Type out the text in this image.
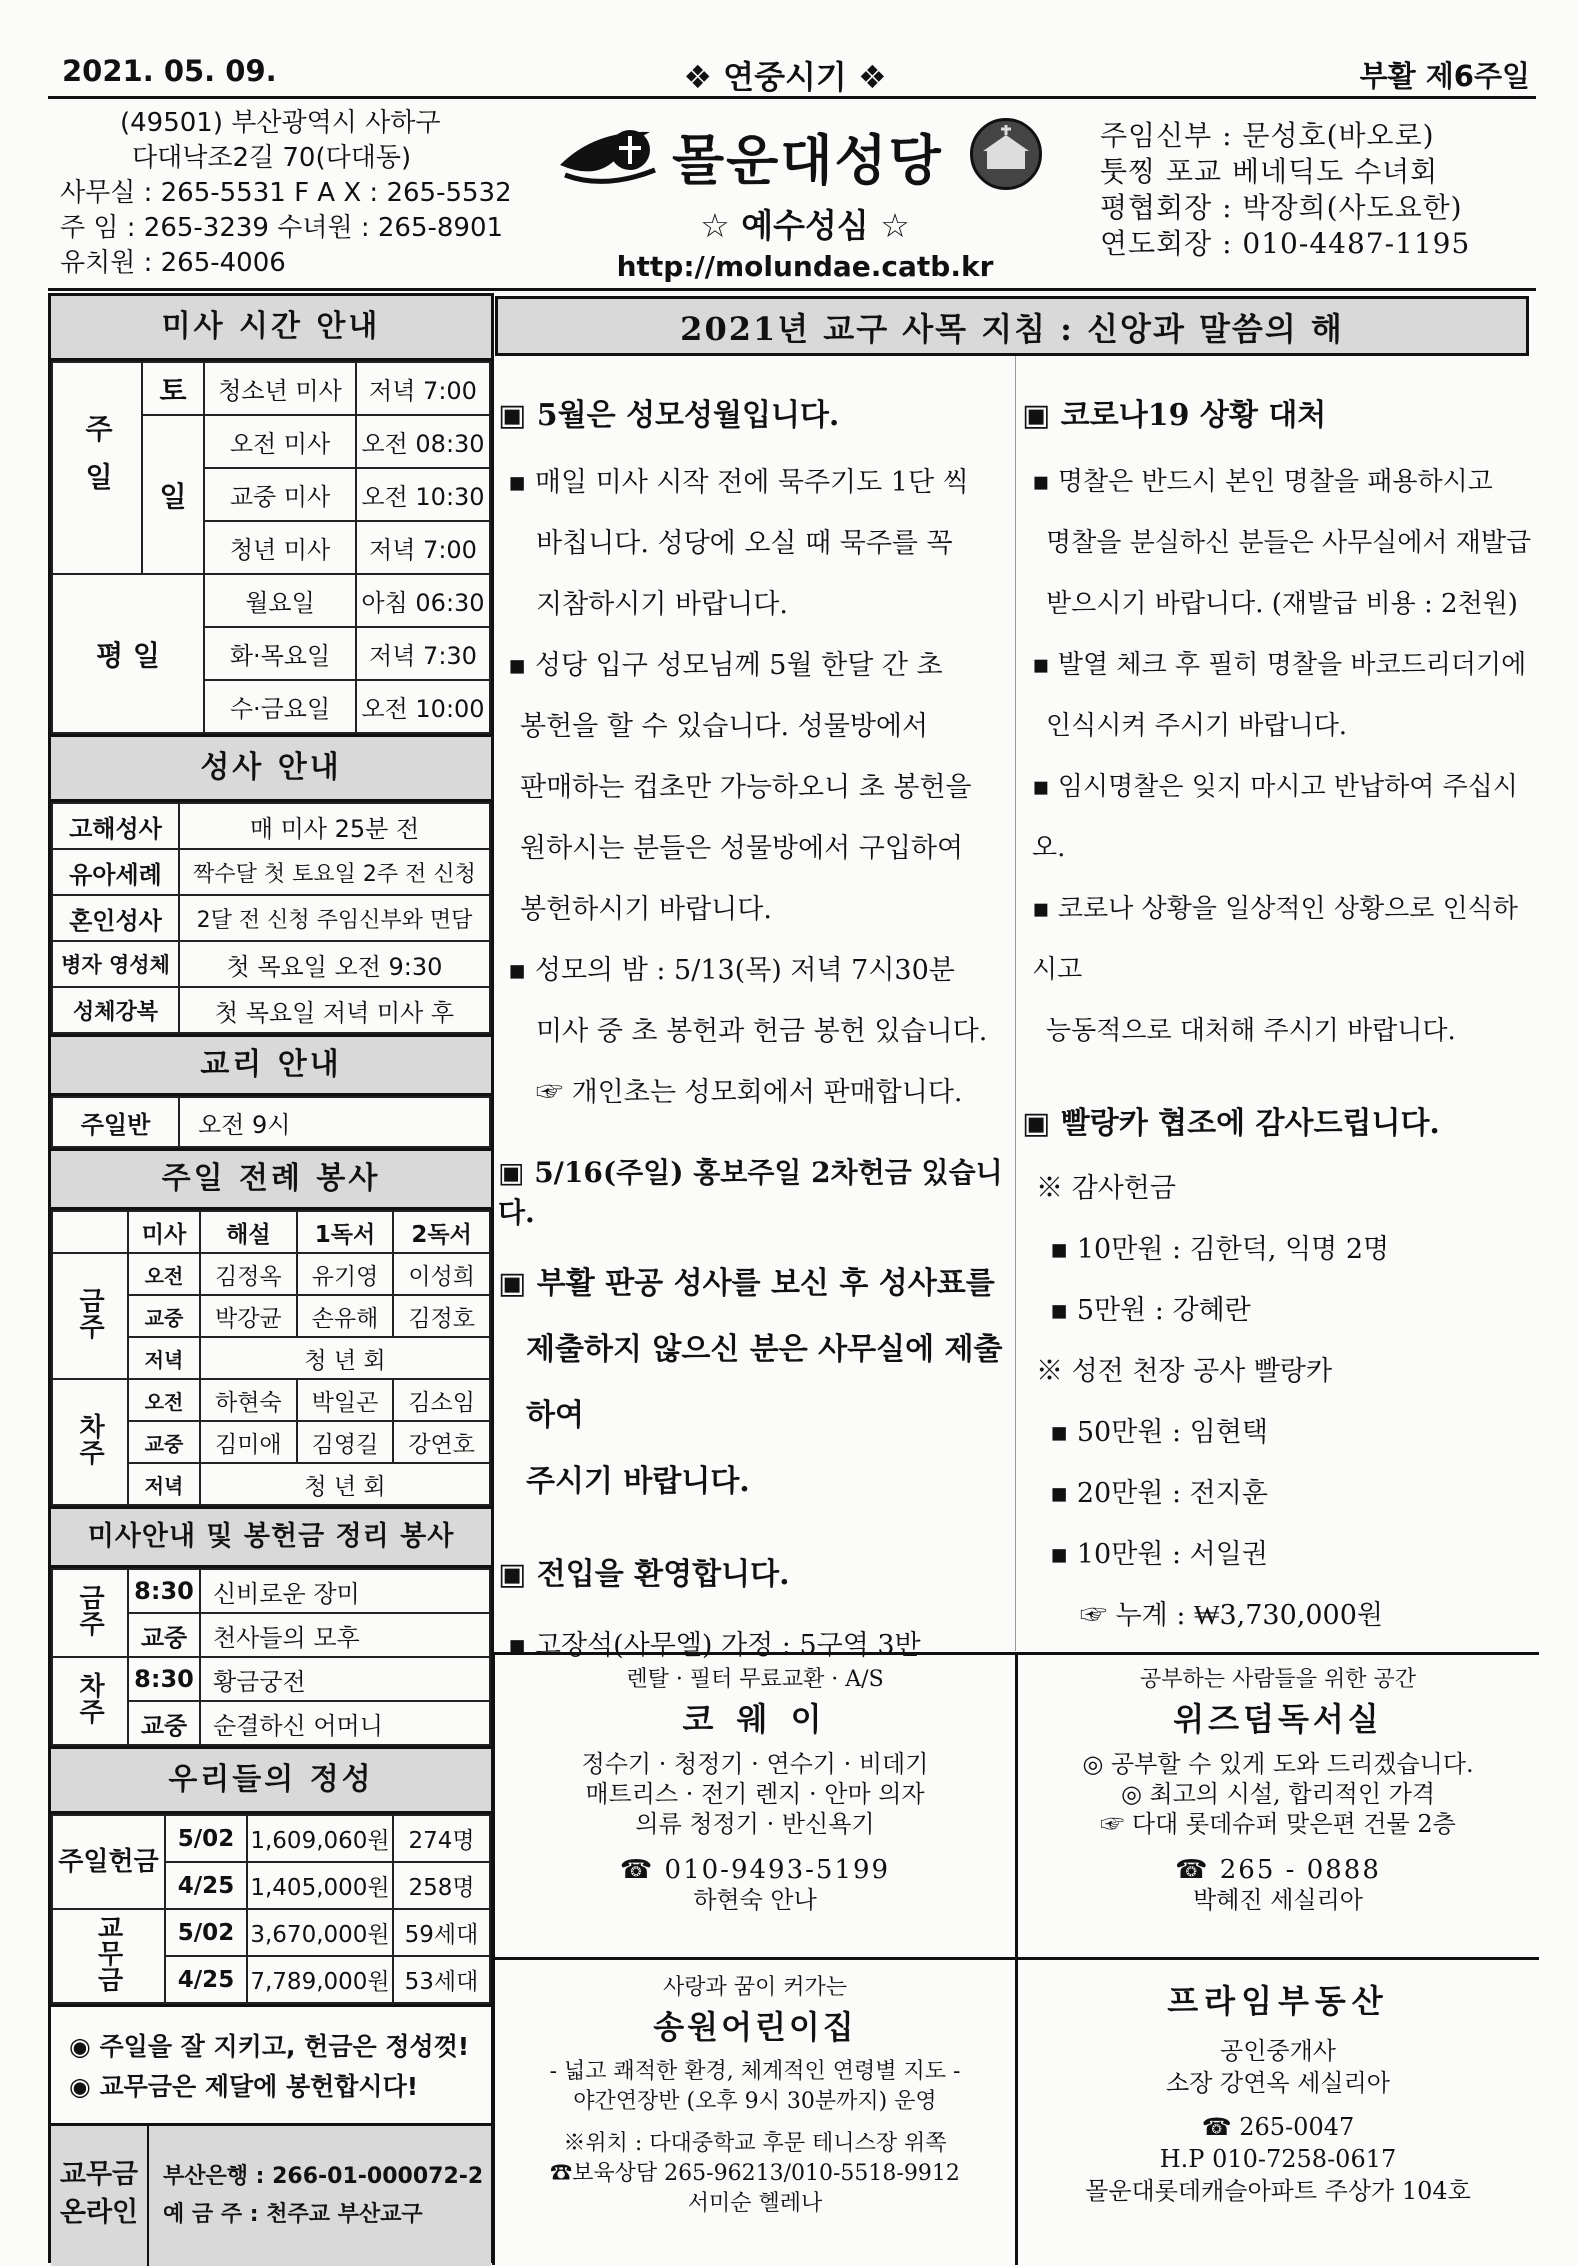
2021. 05. 09.	❖ 연중시기 ❖	부활 제6주일
(49501) 부산광역시 사하구
다대낙조2길 70(다대동)
사무실 : 265-5531 F A X : 265-5532
주 임 : 265-3239 수녀원 : 265-8901
유치원 : 265-4006
몰운대성당
☆ 예수성심 ☆
http://molundae.catb.kr
주임신부 : 문성호(바오로)
툿찡 포교 베네딕도 수녀회
평협회장 : 박장희(사도요한)
연도회장 : 010-4487-1195
미사 시간 안내
주일	토	청소년 미사	저녁 7:00
	일	오전 미사	오전 08:30
		교중 미사	오전 10:30
		청년 미사	저녁 7:00
평 일		월요일	아침 06:30
		화·목요일	저녁 7:30
		수·금요일	오전 10:00
성사 안내
고해성사	매 미사 25분 전
유아세례	짝수달 첫 토요일 2주 전 신청
혼인성사	2달 전 신청 주임신부와 면담
병자 영성체	첫 목요일 오전 9:30
성체강복	첫 목요일 저녁 미사 후
교리 안내
주일반	오전 9시
주일 전례 봉사
	미사	해설	1독서	2독서
금주	오전	김정옥	유기영	이성희
	교중	박강균	손유해	김정호
	저녁	청 년 회		
차주	오전	하현숙	박일곤	김소임
	교중	김미애	김영길	강연호
	저녁	청 년 회		
미사안내 및 봉헌금 정리 봉사
금주	8:30	신비로운 장미
	교중	천사들의 모후
차주	8:30	황금궁전
	교중	순결하신 어머니
우리들의 정성
주일헌금	5/02	1,609,060원	274명
	4/25	1,405,000원	258명
교무금	5/02	3,670,000원	59세대
	4/25	7,789,000원	53세대
◉ 주일을 잘 지키고, 헌금은 정성껏!
◉ 교무금은 제달에 봉헌합시다!
교무금
온라인
부산은행 : 266-01-000072-2
예 금 주 : 천주교 부산교구
2021년 교구 사목 지침 : 신앙과 말씀의 해
▣ 5월은 성모성월입니다.
▪ 매일 미사 시작 전에 묵주기도 1단 씩
바칩니다. 성당에 오실 때 묵주를 꼭
지참하시기 바랍니다.
▪ 성당 입구 성모님께 5월 한달 간 초
봉헌을 할 수 있습니다. 성물방에서
판매하는 컵초만 가능하오니 초 봉헌을
원하시는 분들은 성물방에서 구입하여
봉헌하시기 바랍니다.
▪ 성모의 밤 : 5/13(목) 저녁 7시30분
미사 중 초 봉헌과 헌금 봉헌 있습니다.
☞ 개인초는 성모회에서 판매합니다.
▣ 5/16(주일) 홍보주일 2차헌금 있습니다.
▣ 부활 판공 성사를 보신 후 성사표를
제출하지 않으신 분은 사무실에 제출하여
주시기 바랍니다.
▣ 전입을 환영합니다.
▪ 고장석(사무엘) 가정 : 5구역 3반
▣ 코로나19 상황 대처
▪ 명찰은 반드시 본인 명찰을 패용하시고
명찰을 분실하신 분들은 사무실에서 재발급
받으시기 바랍니다. (재발급 비용 : 2천원)
▪ 발열 체크 후 필히 명찰을 바코드리더기에
인식시켜 주시기 바랍니다.
▪ 임시명찰은 잊지 마시고 반납하여 주십시오.
▪ 코로나 상황을 일상적인 상황으로 인식하시고
능동적으로 대처해 주시기 바랍니다.
▣ 빨랑카 협조에 감사드립니다.
※ 감사헌금
▪ 10만원 : 김한덕, 익명 2명
▪ 5만원 : 강혜란
※ 성전 천장 공사 빨랑카
▪ 50만원 : 임현택
▪ 20만원 : 전지훈
▪ 10만원 : 서일권
☞ 누계 : ₩3,730,000원
렌탈 · 필터 무료교환 · A/S
코 웨 이
정수기 · 청정기 · 연수기 · 비데기
매트리스 · 전기 렌지 · 안마 의자
의류 청정기 · 반신욕기
☎ 010-9493-5199
하현숙 안나
공부하는 사람들을 위한 공간
위즈덤독서실
◎ 공부할 수 있게 도와 드리겠습니다.
◎ 최고의 시설, 합리적인 가격
☞ 다대 롯데슈퍼 맞은편 건물 2층
☎ 265 - 0888
박혜진 세실리아
사랑과 꿈이 커가는
송원어린이집
- 넓고 쾌적한 환경, 체계적인 연령별 지도 -
야간연장반 (오후 9시 30분까지) 운영
※위치 : 다대중학교 후문 테니스장 위쪽
☎보육상담 265-96213/010-5518-9912
서미순 헬레나
프라임부동산
공인중개사
소장 강연옥 세실리아
☎ 265-0047
H.P 010-7258-0617
몰운대롯데캐슬아파트 주상가 104호
